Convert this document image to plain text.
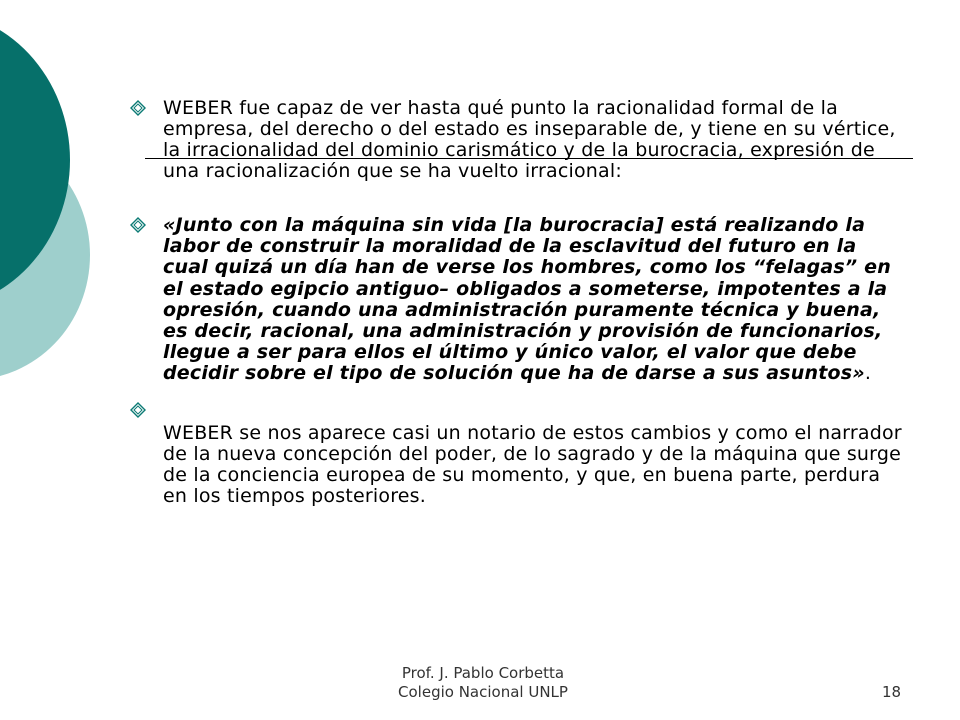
WEBER fue capaz de ver hasta qué punto la racionalidad formal de la empresa, del derecho o del estado es inseparable de, y tiene en su vértice, la irracionalidad del dominio carismático y de la burocracia, expresión de una racionalización que se ha vuelto irracional:
«Junto con la máquina sin vida [la burocracia] está realizando la labor de construir la moralidad de la esclavitud del futuro en la cual quizá un día han de verse los hombres, como los “felagas” en el estado egipcio antiguo– obligados a someterse, impotentes a la opresión, cuando una administración puramente técnica y buena, es decir, racional, una administración y provisión de funcionarios, llegue a ser para ellos el último y único valor, el valor que debe decidir sobre el tipo de solución que ha de darse a sus asuntos».
WEBER se nos aparece casi un notario de estos cambios y como el narrador de la nueva concepción del poder, de lo sagrado y de la máquina que surge de la conciencia europea de su momento, y que, en buena parte, perdura en los tiempos posteriores.
Prof. J. Pablo Corbetta
Colegio Nacional UNLP	18
